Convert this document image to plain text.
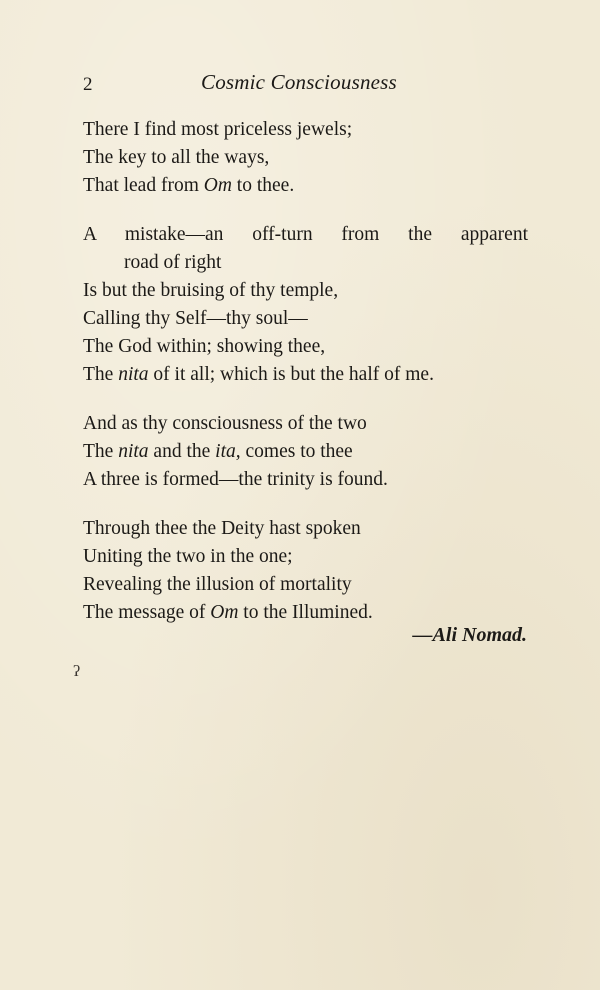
2	Cosmic Consciousness
There I find most priceless jewels;
The key to all the ways,
That lead from Om to thee.
A mistake—an off-turn from the apparent
road of right
Is but the bruising of thy temple,
Calling thy Self—thy soul—
The God within; showing thee,
The nita of it all; which is but the half of me.
And as thy consciousness of the two
The nita and the ita, comes to thee
A three is formed—the trinity is found.
Through thee the Deity hast spoken
Uniting the two in the one;
Revealing the illusion of mortality
The message of Om to the Illumined.
—Ali Nomad.
ʔ
